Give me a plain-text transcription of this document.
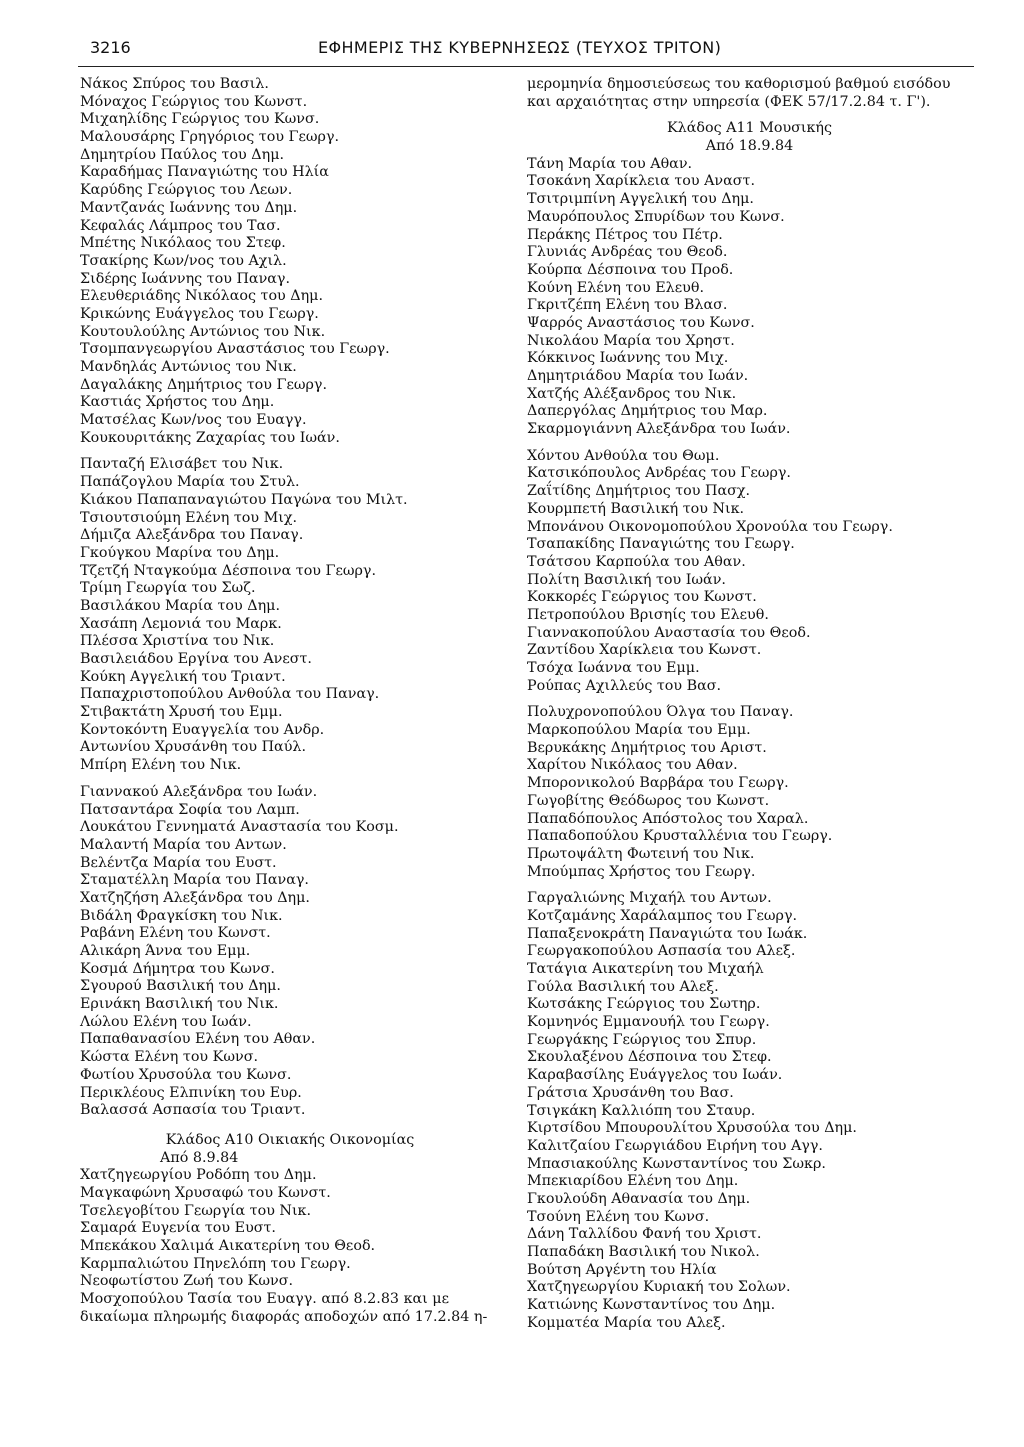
3216	ΕΦΗΜΕΡΙΣ ΤΗΣ ΚΥΒΕΡΝΗΣΕΩΣ (ΤΕΥΧΟΣ ΤΡΙΤΟΝ)
Νάκος Σπύρος του Βασιλ.
Μόναχος Γεώργιος του Κωνστ.
Μιχαηλίδης Γεώργιος του Κωνσ.
Μαλουσάρης Γρηγόριος του Γεωργ.
Δημητρίου Παύλος του Δημ.
Καραδήμας Παναγιώτης του Ηλία
Καρύδης Γεώργιος του Λεων.
Μαντζανάς Ιωάννης του Δημ.
Κεφαλάς Λάμπρος του Τασ.
Μπέτης Νικόλαος του Στεφ.
Τσακίρης Κων/νος του Αχιλ.
Σιδέρης Ιωάννης του Παναγ.
Ελευθεριάδης Νικόλαος του Δημ.
Κρικώνης Ευάγγελος του Γεωργ.
Κουτουλούλης Αντώνιος του Νικ.
Τσομπανγεωργίου Αναστάσιος του Γεωργ.
Μανδηλάς Αντώνιος του Νικ.
Δαγαλάκης Δημήτριος του Γεωργ.
Καστιάς Χρήστος του Δημ.
Ματσέλας Κων/νος του Ευαγγ.
Κουκουριτάκης Ζαχαρίας του Ιωάν.
Πανταζή Ελισάβετ του Νικ.
Παπάζογλου Μαρία του Στυλ.
Κιάκου Παπαπαναγιώτου Παγώνα του Μιλτ.
Τσιουτσιούμη Ελένη του Μιχ.
Δήμιζα Αλεξάνδρα του Παναγ.
Γκούγκου Μαρίνα του Δημ.
Τζετζή Νταγκούμα Δέσποινα του Γεωργ.
Τρίμη Γεωργία του Σωζ.
Βασιλάκου Μαρία του Δημ.
Χασάπη Λεμονιά του Μαρκ.
Πλέσσα Χριστίνα του Νικ.
Βασιλειάδου Εργίνα του Ανεστ.
Κούκη Αγγελική του Τριαντ.
Παπαχριστοπούλου Ανθούλα του Παναγ.
Στιβακτάτη Χρυσή του Εμμ.
Κοντοκόντη Ευαγγελία του Ανδρ.
Αντωνίου Χρυσάνθη του Παύλ.
Μπίρη Ελένη του Νικ.
Γιαννακού Αλεξάνδρα του Ιωάν.
Πατσαντάρα Σοφία του Λαμπ.
Λουκάτου Γεννηματά Αναστασία του Κοσμ.
Μαλαντή Μαρία του Αντων.
Βελέντζα Μαρία του Ευστ.
Σταματέλλη Μαρία του Παναγ.
Χατζηζήση Αλεξάνδρα του Δημ.
Βιδάλη Φραγκίσκη του Νικ.
Ραβάνη Ελένη του Κωνστ.
Αλικάρη Άννα του Εμμ.
Κοσμά Δήμητρα του Κωνσ.
Σγουρού Βασιλική του Δημ.
Ερινάκη Βασιλική του Νικ.
Λώλου Ελένη του Ιωάν.
Παπαθανασίου Ελένη του Αθαν.
Κώστα Ελένη του Κωνσ.
Φωτίου Χρυσούλα του Κωνσ.
Περικλέους Ελπινίκη του Ευρ.
Βαλασσά Ασπασία του Τριαντ.
Κλάδος Α10 Οικιακής Οικονομίας
Από 8.9.84
Χατζηγεωργίου Ροδόπη του Δημ.
Μαγκαφώνη Χρυσαφώ του Κωνστ.
Τσελεγοβίτου Γεωργία του Νικ.
Σαμαρά Ευγενία του Ευστ.
Μπεκάκου Χαλιμά Αικατερίνη του Θεοδ.
Καρμπαλιώτου Πηνελόπη του Γεωργ.
Νεοφωτίστου Ζωή του Κωνσ.
Μοσχοπούλου Τασία του Ευαγγ. από 8.2.83 και με
δικαίωμα πληρωμής διαφοράς αποδοχών από 17.2.84 η-
μερομηνία δημοσιεύσεως του καθορισμού βαθμού εισόδου
και αρχαιότητας στην υπηρεσία (ΦΕΚ 57/17.2.84 τ. Γ').
Κλάδος Α11 Μουσικής
Από 18.9.84
Τάνη Μαρία του Αθαν.
Τσοκάνη Χαρίκλεια του Αναστ.
Τσιτριμπίνη Αγγελική του Δημ.
Μαυρόπουλος Σπυρίδων του Κωνσ.
Περάκης Πέτρος του Πέτρ.
Γλυνιάς Ανδρέας του Θεοδ.
Κούρπα Δέσποινα του Προδ.
Κούνη Ελένη του Ελευθ.
Γκριτζέπη Ελένη του Βλασ.
Ψαρρός Αναστάσιος του Κωνσ.
Νικολάου Μαρία του Χρηστ.
Κόκκινος Ιωάννης του Μιχ.
Δημητριάδου Μαρία του Ιωάν.
Χατζής Αλέξανδρος του Νικ.
Δαπεργόλας Δημήτριος του Μαρ.
Σκαρμογιάννη Αλεξάνδρα του Ιωάν.
Χόντου Ανθούλα του Θωμ.
Κατσικόπουλος Ανδρέας του Γεωργ.
Ζαΐτίδης Δημήτριος του Πασχ.
Κουρμπετή Βασιλική του Νικ.
Μπονάνου Οικονομοπούλου Χρονούλα του Γεωργ.
Τσαπακίδης Παναγιώτης του Γεωργ.
Τσάτσου Καρπούλα του Αθαν.
Πολίτη Βασιλική του Ιωάν.
Κοκκορές Γεώργιος του Κωνστ.
Πετροπούλου Βρισηίς του Ελευθ.
Γιαννακοπούλου Αναστασία του Θεοδ.
Ζαντίδου Χαρίκλεια του Κωνστ.
Τσόχα Ιωάννα του Εμμ.
Ρούπας Αχιλλεύς του Βασ.
Πολυχρονοπούλου Όλγα του Παναγ.
Μαρκοπούλου Μαρία του Εμμ.
Βερυκάκης Δημήτριος του Αριστ.
Χαρίτου Νικόλαος του Αθαν.
Μπορονικολού Βαρβάρα του Γεωργ.
Γωγοβίτης Θεόδωρος του Κωνστ.
Παπαδόπουλος Απόστολος του Χαραλ.
Παπαδοπούλου Κρυσταλλένια του Γεωργ.
Πρωτοψάλτη Φωτεινή του Νικ.
Μπούμπας Χρήστος του Γεωργ.
Γαργαλιώνης Μιχαήλ του Αντων.
Κοτζαμάνης Χαράλαμπος του Γεωργ.
Παπαξενοκράτη Παναγιώτα του Ιωάκ.
Γεωργακοπούλου Ασπασία του Αλεξ.
Τατάγια Αικατερίνη του Μιχαήλ
Γούλα Βασιλική του Αλεξ.
Κωτσάκης Γεώργιος του Σωτηρ.
Κομνηνός Εμμανουήλ του Γεωργ.
Γεωργάκης Γεώργιος του Σπυρ.
Σκουλαξένου Δέσποινα του Στεφ.
Καραβασίλης Ευάγγελος του Ιωάν.
Γράτσια Χρυσάνθη του Βασ.
Τσιγκάκη Καλλιόπη του Σταυρ.
Κιρτσίδου Μπουρουλίτου Χρυσούλα του Δημ.
Καλιτζαίου Γεωργιάδου Ειρήνη του Αγγ.
Μπασιακούλης Κωνσταντίνος του Σωκρ.
Μπεκιαρίδου Ελένη του Δημ.
Γκουλούδη Αθανασία του Δημ.
Τσούνη Ελένη του Κωνσ.
Δάνη Ταλλίδου Φανή του Χριστ.
Παπαδάκη Βασιλική του Νικολ.
Βούτση Αργέντη του Ηλία
Χατζηγεωργίου Κυριακή του Σολων.
Κατιώνης Κωνσταντίνος του Δημ.
Κομματέα Μαρία του Αλεξ.
